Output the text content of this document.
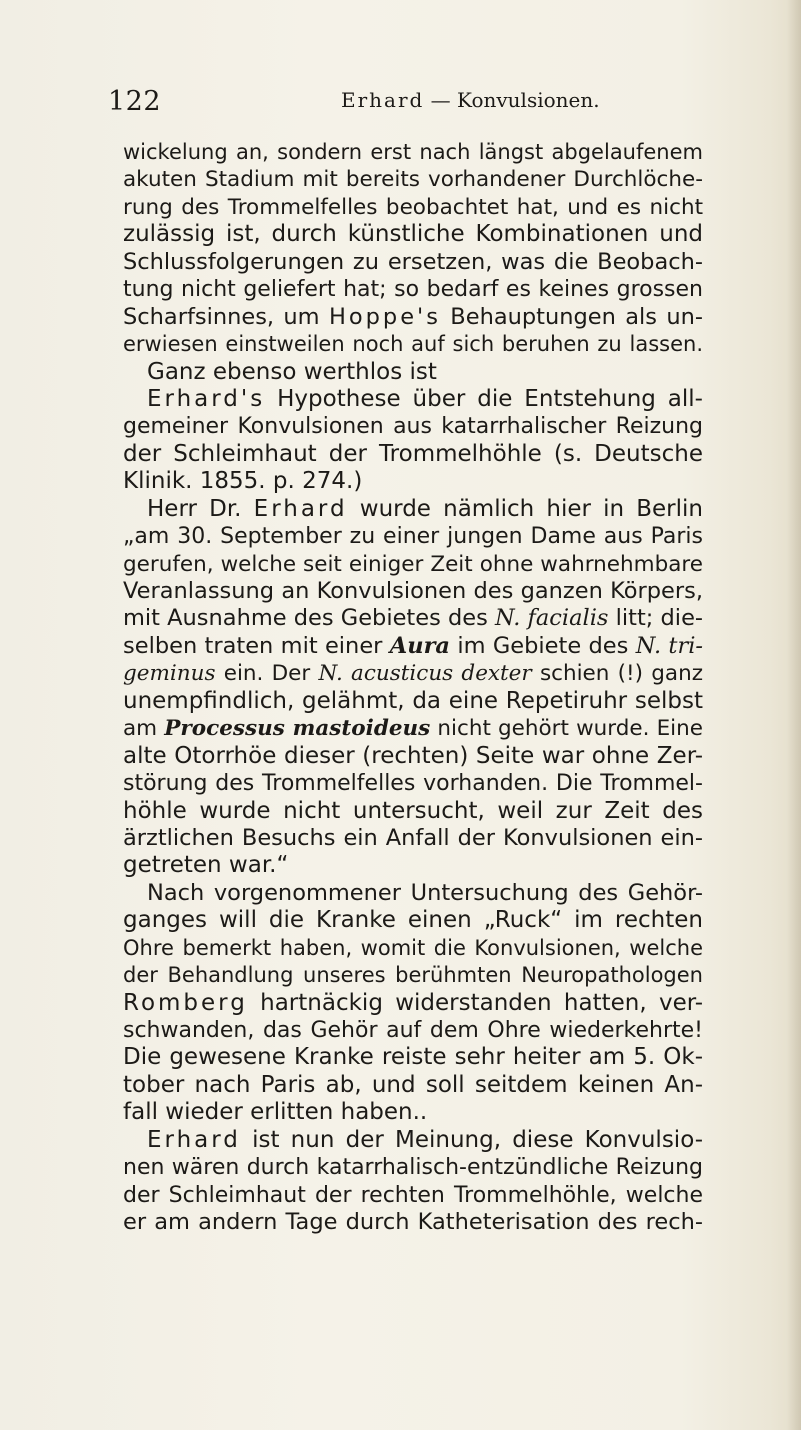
122	Erhard — Konvulsionen.
wickelung an, sondern erst nach längst abgelaufenem
akuten Stadium mit bereits vorhandener Durchlöche-
rung des Trommelfelles beobachtet hat, und es nicht
zulässig ist, durch künstliche Kombinationen und
Schlussfolgerungen zu ersetzen, was die Beobach-
tung nicht geliefert hat; so bedarf es keines grossen
Scharfsinnes, um Hoppe's Behauptungen als un-
erwiesen einstweilen noch auf sich beruhen zu lassen.
Ganz ebenso werthlos ist
Erhard's Hypothese über die Entstehung all-
gemeiner Konvulsionen aus katarrhalischer Reizung
der Schleimhaut der Trommelhöhle (s. Deutsche
Klinik. 1855. p. 274.)
Herr Dr. Erhard wurde nämlich hier in Berlin
„am 30. September zu einer jungen Dame aus Paris
gerufen, welche seit einiger Zeit ohne wahrnehmbare
Veranlassung an Konvulsionen des ganzen Körpers,
mit Ausnahme des Gebietes des N. facialis litt; die-
selben traten mit einer Aura im Gebiete des N. tri-
geminus ein. Der N. acusticus dexter schien (!) ganz
unempfindlich, gelähmt, da eine Repetiruhr selbst
am Processus mastoideus nicht gehört wurde. Eine
alte Otorrhöe dieser (rechten) Seite war ohne Zer-
störung des Trommelfelles vorhanden. Die Trommel-
höhle wurde nicht untersucht, weil zur Zeit des
ärztlichen Besuchs ein Anfall der Konvulsionen ein-
getreten war.“
Nach vorgenommener Untersuchung des Gehör-
ganges will die Kranke einen „Ruck“ im rechten
Ohre bemerkt haben, womit die Konvulsionen, welche
der Behandlung unseres berühmten Neuropathologen
Romberg hartnäckig widerstanden hatten, ver-
schwanden, das Gehör auf dem Ohre wiederkehrte!
Die gewesene Kranke reiste sehr heiter am 5. Ok-
tober nach Paris ab, und soll seitdem keinen An-
fall wieder erlitten haben..
Erhard ist nun der Meinung, diese Konvulsio-
nen wären durch katarrhalisch-entzündliche Reizung
der Schleimhaut der rechten Trommelhöhle, welche
er am andern Tage durch Katheterisation des rech-
